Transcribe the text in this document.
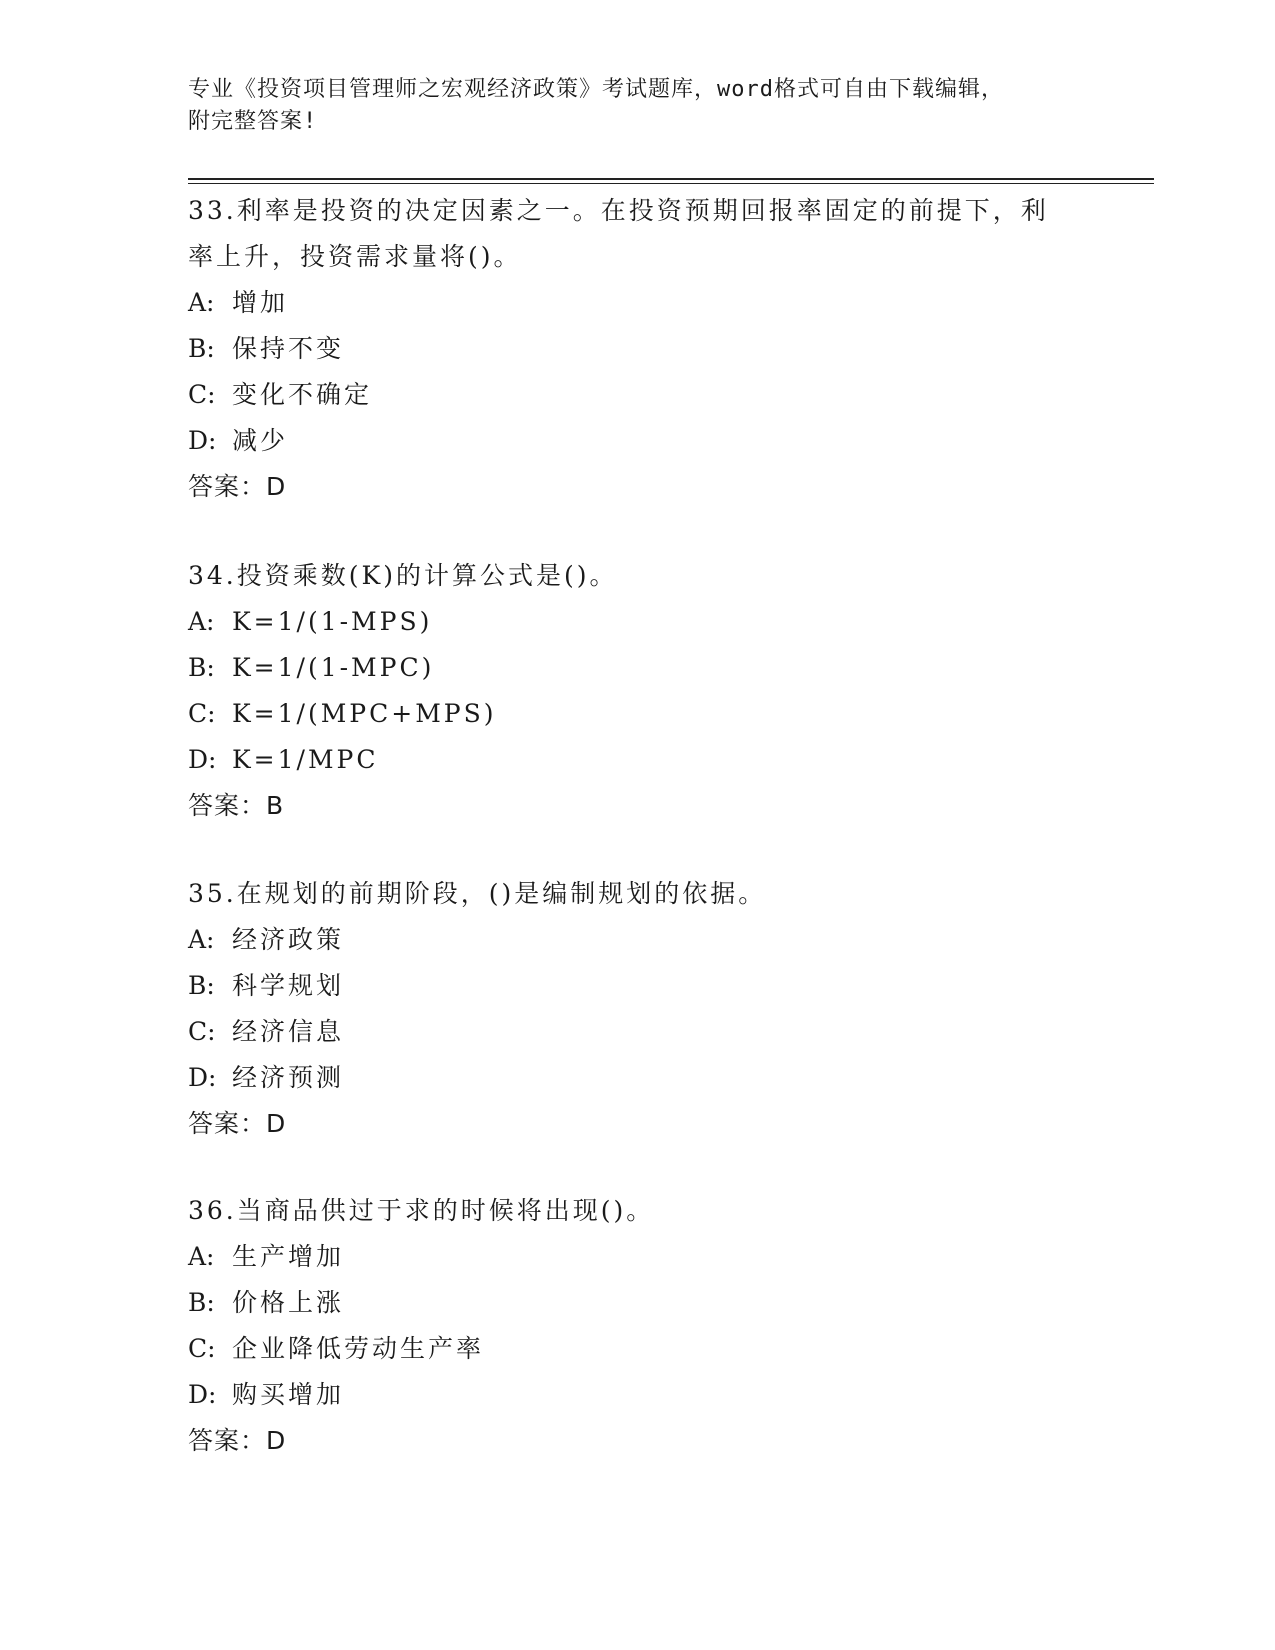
专业《投资项目管理师之宏观经济政策》考试题库，word格式可自由下载编辑，
附完整答案!
33.利率是投资的决定因素之一。在投资预期回报率固定的前提下，利
率上升，投资需求量将()。
A: 增加
B: 保持不变
C: 变化不确定
D: 减少
答案：D
34.投资乘数(K)的计算公式是()。
A: K=1/(1-MPS)
B: K=1/(1-MPC)
C: K=1/(MPC+MPS)
D: K=1/MPC
答案：B
35.在规划的前期阶段，()是编制规划的依据。
A: 经济政策
B: 科学规划
C: 经济信息
D: 经济预测
答案：D
36.当商品供过于求的时候将出现()。
A: 生产增加
B: 价格上涨
C: 企业降低劳动生产率
D: 购买增加
答案：D
